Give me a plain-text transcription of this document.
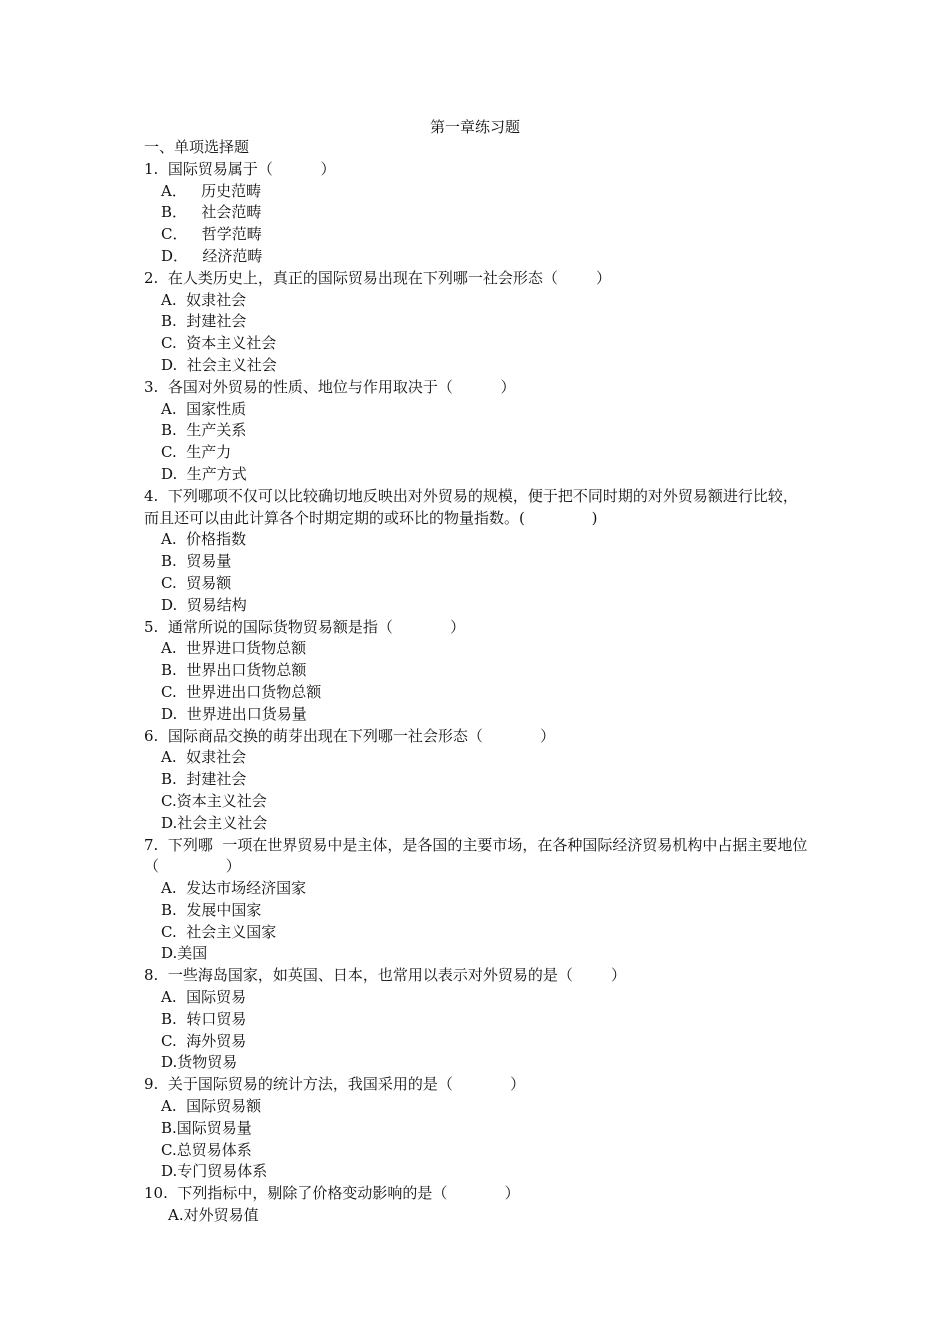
第一章练习题
一、单项选择题
1.  国际贸易属于（          ）
A．   历史范畴
B．   社会范畴
C．   哲学范畴
D．   经济范畴
2.  在人类历史上，真正的国际贸易出现在下列哪一社会形态（        ）
A.  奴隶社会
B.  封建社会
C.  资本主义社会
D.  社会主义社会
3.  各国对外贸易的性质、地位与作用取决于（          ）
A.  国家性质
B.  生产关系
C.  生产力
D.  生产方式
4.  下列哪项不仅可以比较确切地反映出对外贸易的规模，便于把不同时期的对外贸易额进行比较，而且还可以由此计算各个时期定期的或环比的物量指数。(              )
A.  价格指数
B.  贸易量
C.  贸易额
D.  贸易结构
5.  通常所说的国际货物贸易额是指（            ）
A.  世界进口货物总额
B.  世界出口货物总额
C.  世界进出口货物总额
D.  世界进出口货易量
6.  国际商品交换的萌芽出现在下列哪一社会形态（            ）
A.  奴隶社会
B.  封建社会
C.资本主义社会
D.社会主义社会
7.  下列哪  一项在世界贸易中是主体，是各国的主要市场，在各种国际经济贸易机构中占据主要地位（              ）
A.  发达市场经济国家
B.  发展中国家
C.  社会主义国家
D.美国
8.  一些海岛国家，如英国、日本，也常用以表示对外贸易的是（        ）
A.  国际贸易
B.  转口贸易
C.  海外贸易
D.货物贸易
9.  关于国际贸易的统计方法，我国采用的是（            ）
A.  国际贸易额
B.国际贸易量
C.总贸易体系
D.专门贸易体系
10.  下列指标中，剔除了价格变动影响的是（            ）
A.对外贸易值
